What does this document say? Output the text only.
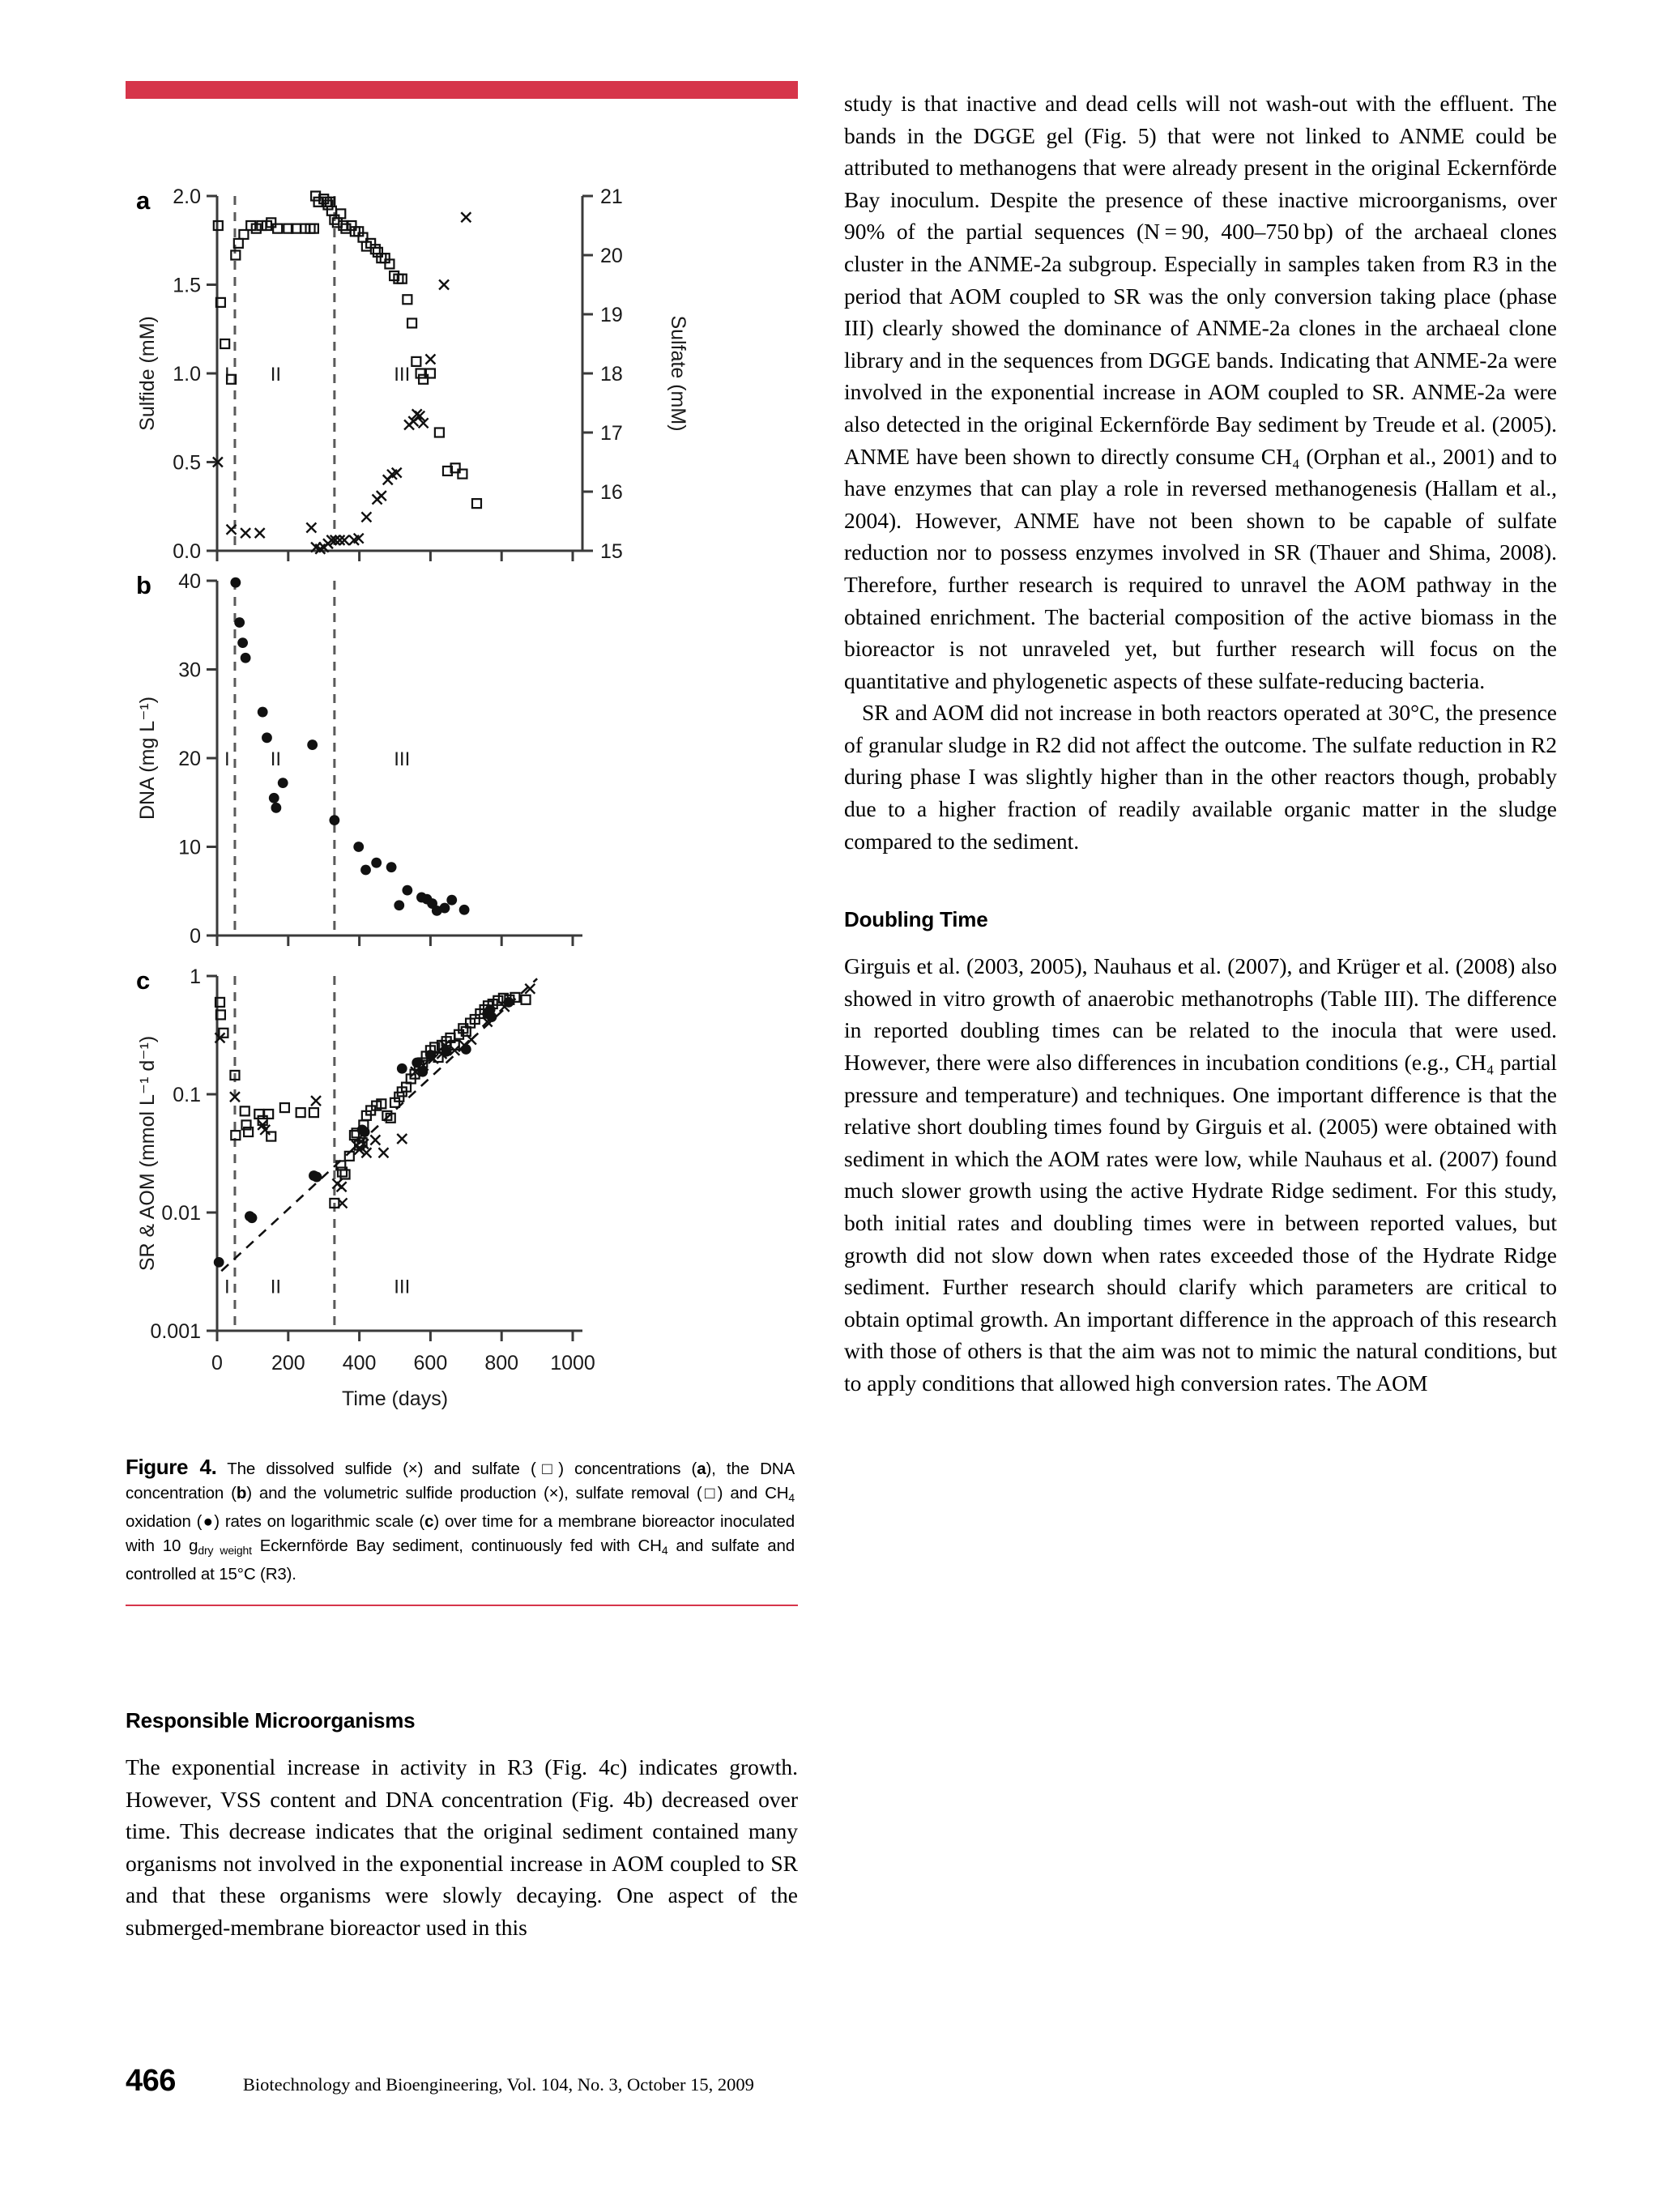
a
0.0
0.5
1.0
1.5
2.0
15
16
17
18
19
20
21
Sulfate (mM)
Sulfide (mM)	I II	III
b
0
10
20
30
40
DNA (mg L⁻¹)	I II	III
c
0.001
0.01
0.1
1
0 200 400 600 800 1000
SR & AOM (mmol L⁻¹ d⁻¹)
Time (days)
I II	III
Figure 4. The dissolved sulfide (×) and sulfate (□) concentrations (a), the DNA concentration (b) and the volumetric sulfide production (×), sulfate removal (□) and $CH_4$ oxidation (●) rates on logarithmic scale (c) over time for a membrane bioreactor inoculated with 10 $g_{dry weight}$ Eckernförde Bay sediment, continuously fed with $CH_4$ and sulfate and controlled at 15°C (R3).
Responsible Microorganisms

The exponential increase in activity in R3 (Fig. 4c) indicates growth. However, VSS content and DNA concentration (Fig. 4b) decreased over time. This decrease indicates that the original sediment contained many organisms not involved in the exponential increase in AOM coupled to SR and that these organisms were slowly decaying. One aspect of the submerged-membrane bioreactor used in this

study is that inactive and dead cells will not wash-out with the effluent. The bands in the DGGE gel (Fig. 5) that were not linked to ANME could be attributed to methanogens that were already present in the original Eckernförde Bay inoculum. Despite the presence of these inactive microorganisms, over 90% of the partial sequences (N = 90, 400–750 bp) of the archaeal clones cluster in the ANME-2a subgroup. Especially in samples taken from R3 in the period that AOM coupled to SR was the only conversion taking place (phase III) clearly showed the dominance of ANME-2a clones in the archaeal clone library and in the sequences from DGGE bands. Indicating that ANME-2a were involved in the exponential increase in AOM coupled to SR. ANME-2a were also detected in the original Eckernförde Bay sediment by Treude et al. (2005). ANME have been shown to directly consume CH₄ (Orphan et al., 2001) and to have enzymes that can play a role in reversed methanogenesis (Hallam et al., 2004). However, ANME have not been shown to be capable of sulfate reduction nor to possess enzymes involved in SR (Thauer and Shima, 2008). Therefore, further research is required to unravel the AOM pathway in the obtained enrichment. The bacterial composition of the active biomass in the bioreactor is not unraveled yet, but further research will focus on the quantitative and phylogenetic aspects of these sulfate-reducing bacteria.

SR and AOM did not increase in both reactors operated at 30°C, the presence of granular sludge in R2 did not affect the outcome. The sulfate reduction in R2 during phase I was slightly higher than in the other reactors though, probably due to a higher fraction of readily available organic matter in the sludge compared to the sediment.

Doubling Time

Girguis et al. (2003, 2005), Nauhaus et al. (2007), and Krüger et al. (2008) also showed in vitro growth of anaerobic methanotrophs (Table III). The difference in reported doubling times can be related to the inocula that were used. However, there were also differences in incubation conditions (e.g., CH₄ partial pressure and temperature) and techniques. One important difference is that the relative short doubling times found by Girguis et al. (2005) were obtained with sediment in which the AOM rates were low, while Nauhaus et al. (2007) found much slower growth using the active Hydrate Ridge sediment. For this study, both initial rates and doubling times were in between reported values, but growth did not slow down when rates exceeded those of the Hydrate Ridge sediment. Further research should clarify which parameters are critical to obtain optimal growth. An important difference in the approach of this research with those of others is that the aim was not to mimic the natural conditions, but to apply conditions that allowed high conversion rates. The AOM

466	Biotechnology and Bioengineering, Vol. 104, No. 3, October 15, 2009
